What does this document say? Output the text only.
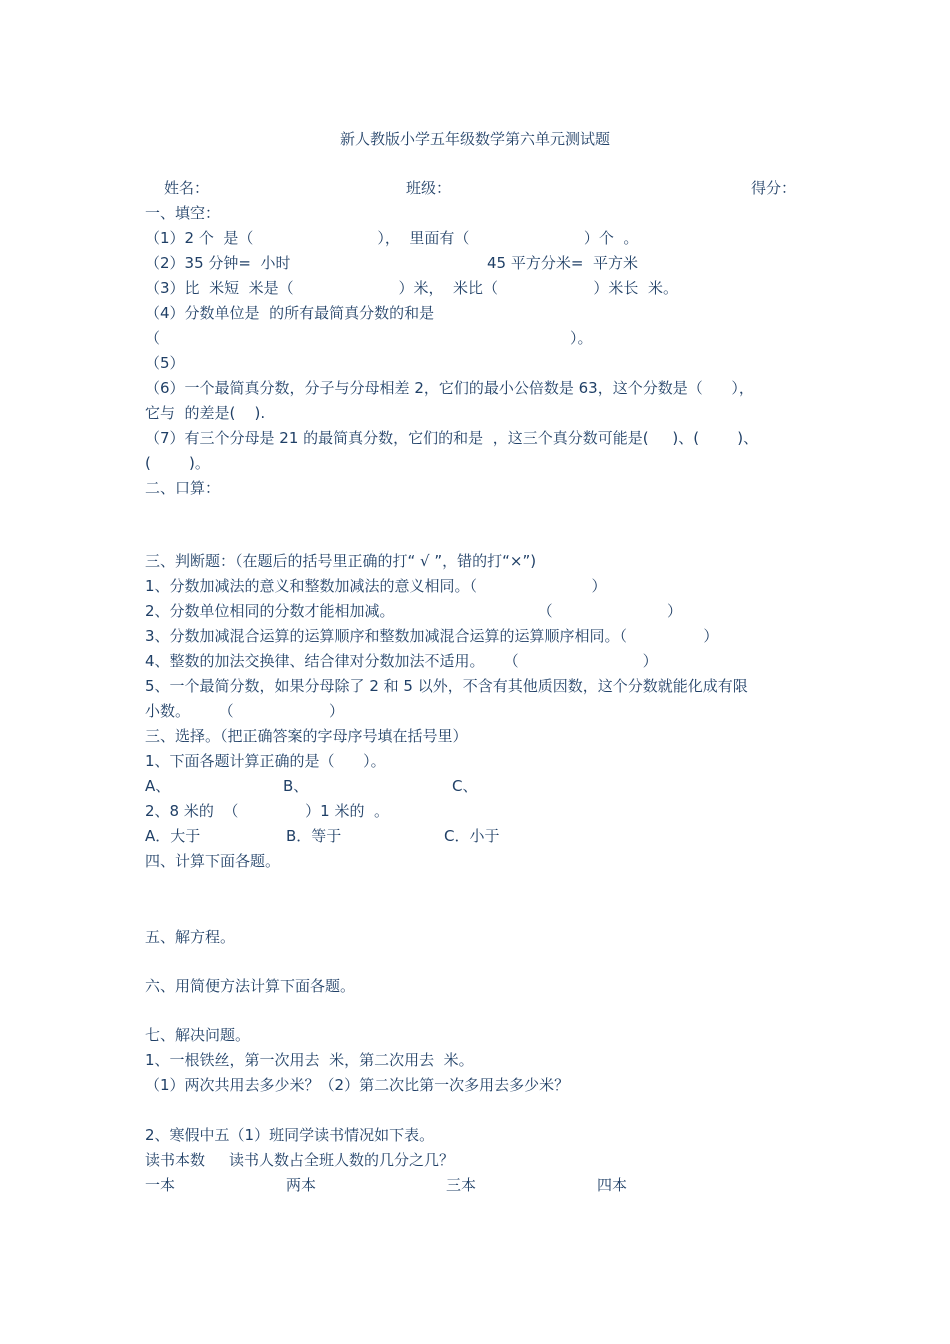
新人教版小学五年级数学第六单元测试题
姓名：	班级：	得分：
一、填空：
（1）2 个  是（                          ），  里面有（                        ）个  。
（2）35 分钟=  小时	45 平方分米=  平方米
（3）比  米短  米是（                      ）米，  米比（                    ）米长  米。
（4）分数单位是  的所有最简真分数的和是
（                                                                                      ）。
（5）
（6）一个最简真分数，分子与分母相差 2，它们的最小公倍数是 63，这个分数是（      ），
它与  的差是(    ).
（7）有三个分母是 21 的最简真分数，它们的和是  ，这三个真分数可能是(     )、(        )、
(        )。
二、口算：
三、判断题：（在题后的括号里正确的打“ √ ”，错的打“×”)
1、分数加减法的意义和整数加减法的意义相同。（                        ）
2、分数单位相同的分数才能相加减。                              （                        ）
3、分数加减混合运算的运算顺序和整数加减混合运算的运算顺序相同。（                ）
4、整数的加法交换律、结合律对分数加法不适用。    （                          ）
5、一个最简分数，如果分母除了 2 和 5 以外，不含有其他质因数，这个分数就能化成有限
小数。      （                    ）
三、选择。（把正确答案的字母序号填在括号里）
1、下面各题计算正确的是（      ）。
A、	B、	C、
2、8 米的  （              ）1 米的  。
A．大于	B．等于	C．小于
四、计算下面各题。
五、解方程。
六、用简便方法计算下面各题。
七、解决问题。
1、一根铁丝，第一次用去  米，第二次用去  米。
（1）两次共用去多少米？（2）第二次比第一次多用去多少米？
2、寒假中五（1）班同学读书情况如下表。
读书本数 读书人数占全班人数的几分之几？
一本	两本	三本	四本
